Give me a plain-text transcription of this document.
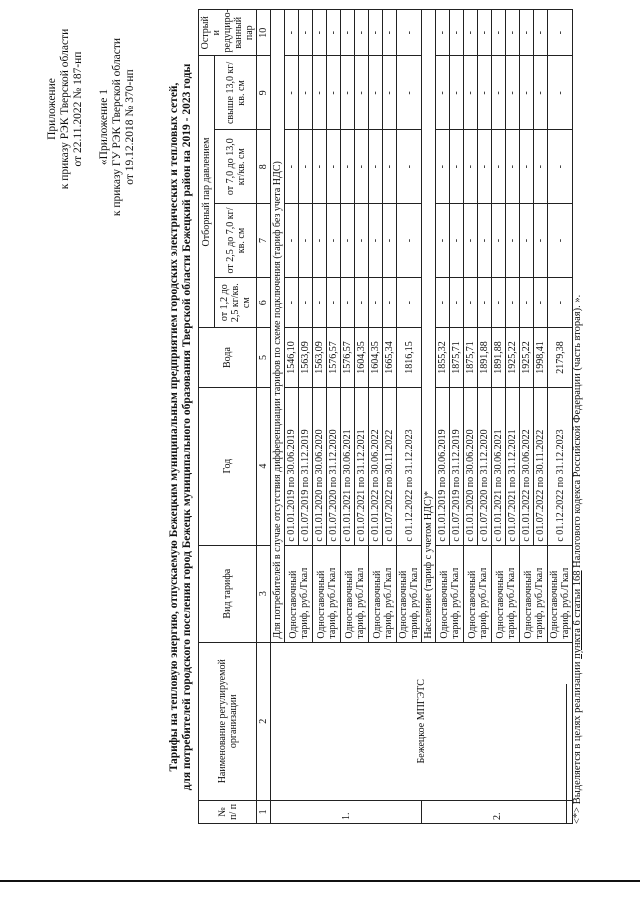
Приложение к приказу РЭК Тверской области от 22.11.2022 № 187-нп «Приложение 1 к приказу ГУ РЭК Тверской области от 19.12.2018 № 370-нп	Тарифы на тепловую энергию, отпускаемую Бежецким муниципальным предприятием городских электрических и тепловых сетей, для потребителей городского поселения город Бежецк муниципального образования Тверской области Бежецкий район на 2019 - 2023 годы
№ п/ п	Наименование регулируемой организации	Вид тарифа	Год	Вода	Отборный пар давлением				Острый и редуциро-ванный пар
					от 1,2 до 2,5 кг/кв. см	от 2,5 до 7,0 кг/кв. см	от 7,0 до 13,0 кг/кв. см	свыше 13,0 кг/кв. см	
1	2	3	4	5	6	7	8	9	10
1.	Бежецкое МПГЭТС	Для потребителей в случае отсутствия дифференциации тарифов по схеме подключения (тариф без учета НДС)							
		Одноставочный тариф, руб./Гкал	с 01.01.2019 по 30.06.2019	1546,10	-	-	-	-	-
			с 01.07.2019 по 31.12.2019	1563,09	-	-	-	-	-
		Одноставочный тариф, руб./Гкал	с 01.01.2020 по 30.06.2020	1563,09	-	-	-	-	-
			с 01.07.2020 по 31.12.2020	1576,57	-	-	-	-	-
		Одноставочный тариф, руб./Гкал	с 01.01.2021 по 30.06.2021	1576,57	-	-	-	-	-
			с 01.07.2021 по 31.12.2021	1604,35	-	-	-	-	-
		Одноставочный тариф, руб./Гкал	с 01.01.2022 по 30.06.2022	1604,35	-	-	-	-	-
			с 01.07.2022 по 30.11.2022	1665,34	-	-	-	-	-
		Одноставочный тариф, руб./Гкал	с 01.12.2022 по 31.12.2023	1816,15	-	-	-	-	-
2.		Население (тариф с учетом НДС)*							
		Одноставочный тариф, руб./Гкал	с 01.01.2019 по 30.06.2019	1855,32	-	-	-	-	-
			с 01.07.2019 по 31.12.2019	1875,71	-	-	-	-	-
		Одноставочный тариф, руб./Гкал	с 01.01.2020 по 30.06.2020	1875,71	-	-	-	-	-
			с 01.07.2020 по 31.12.2020	1891,88	-	-	-	-	-
		Одноставочный тариф, руб./Гкал	с 01.01.2021 по 30.06.2021	1891,88	-	-	-	-	-
			с 01.07.2021 по 31.12.2021	1925,22	-	-	-	-	-
		Одноставочный тариф, руб./Гкал	с 01.01.2022 по 30.06.2022	1925,22	-	-	-	-	-
			с 01.07.2022 по 30.11.2022	1998,41	-	-	-	-	-
		Одноставочный тариф, руб./Гкал	с 01.12.2022 по 31.12.2023	2179,38	-	-	-	-	-
<*> Выделяется в целях реализации пункта 6 статьи 168 Налогового кодекса Российской Федерации (часть вторая). ».
